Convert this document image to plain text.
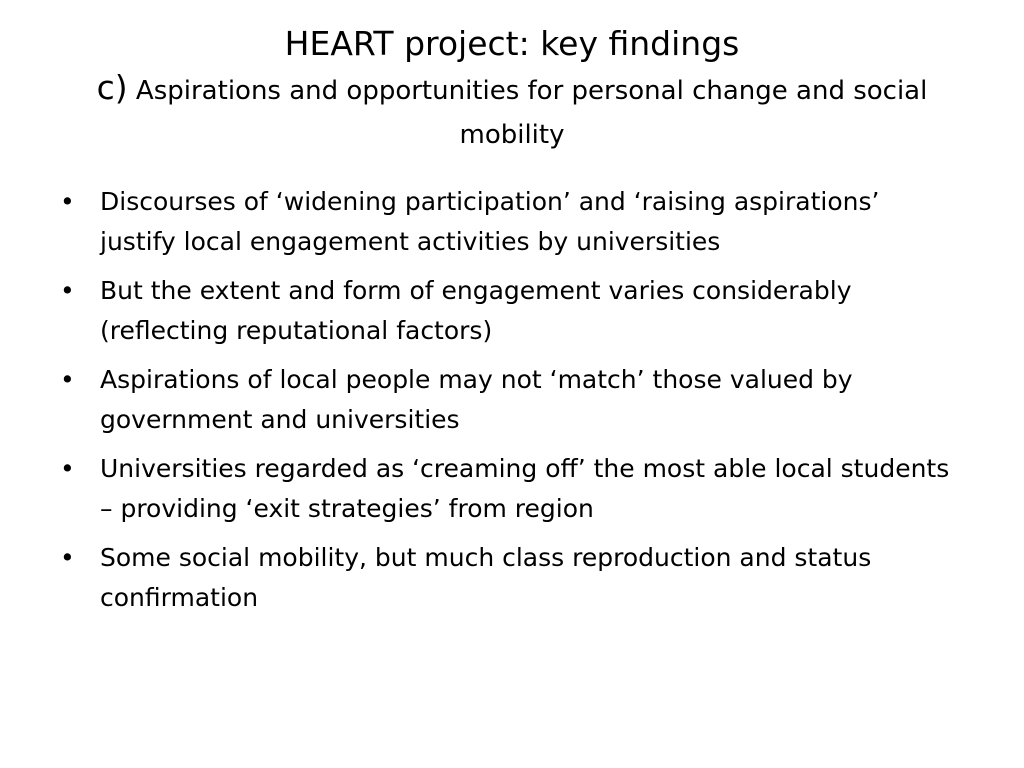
HEART project: key findings
c) Aspirations and opportunities for personal change and social mobility
•	Discourses of ‘widening participation’ and ‘raising aspirations’ justify local engagement activities by universities
•	But the extent and form of engagement varies considerably (reflecting reputational factors)
•	Aspirations of local people may not ‘match’ those valued by government and universities
•	Universities regarded as ‘creaming off’ the most able local students – providing ‘exit strategies’ from region
•	Some social mobility, but much class reproduction and status confirmation
